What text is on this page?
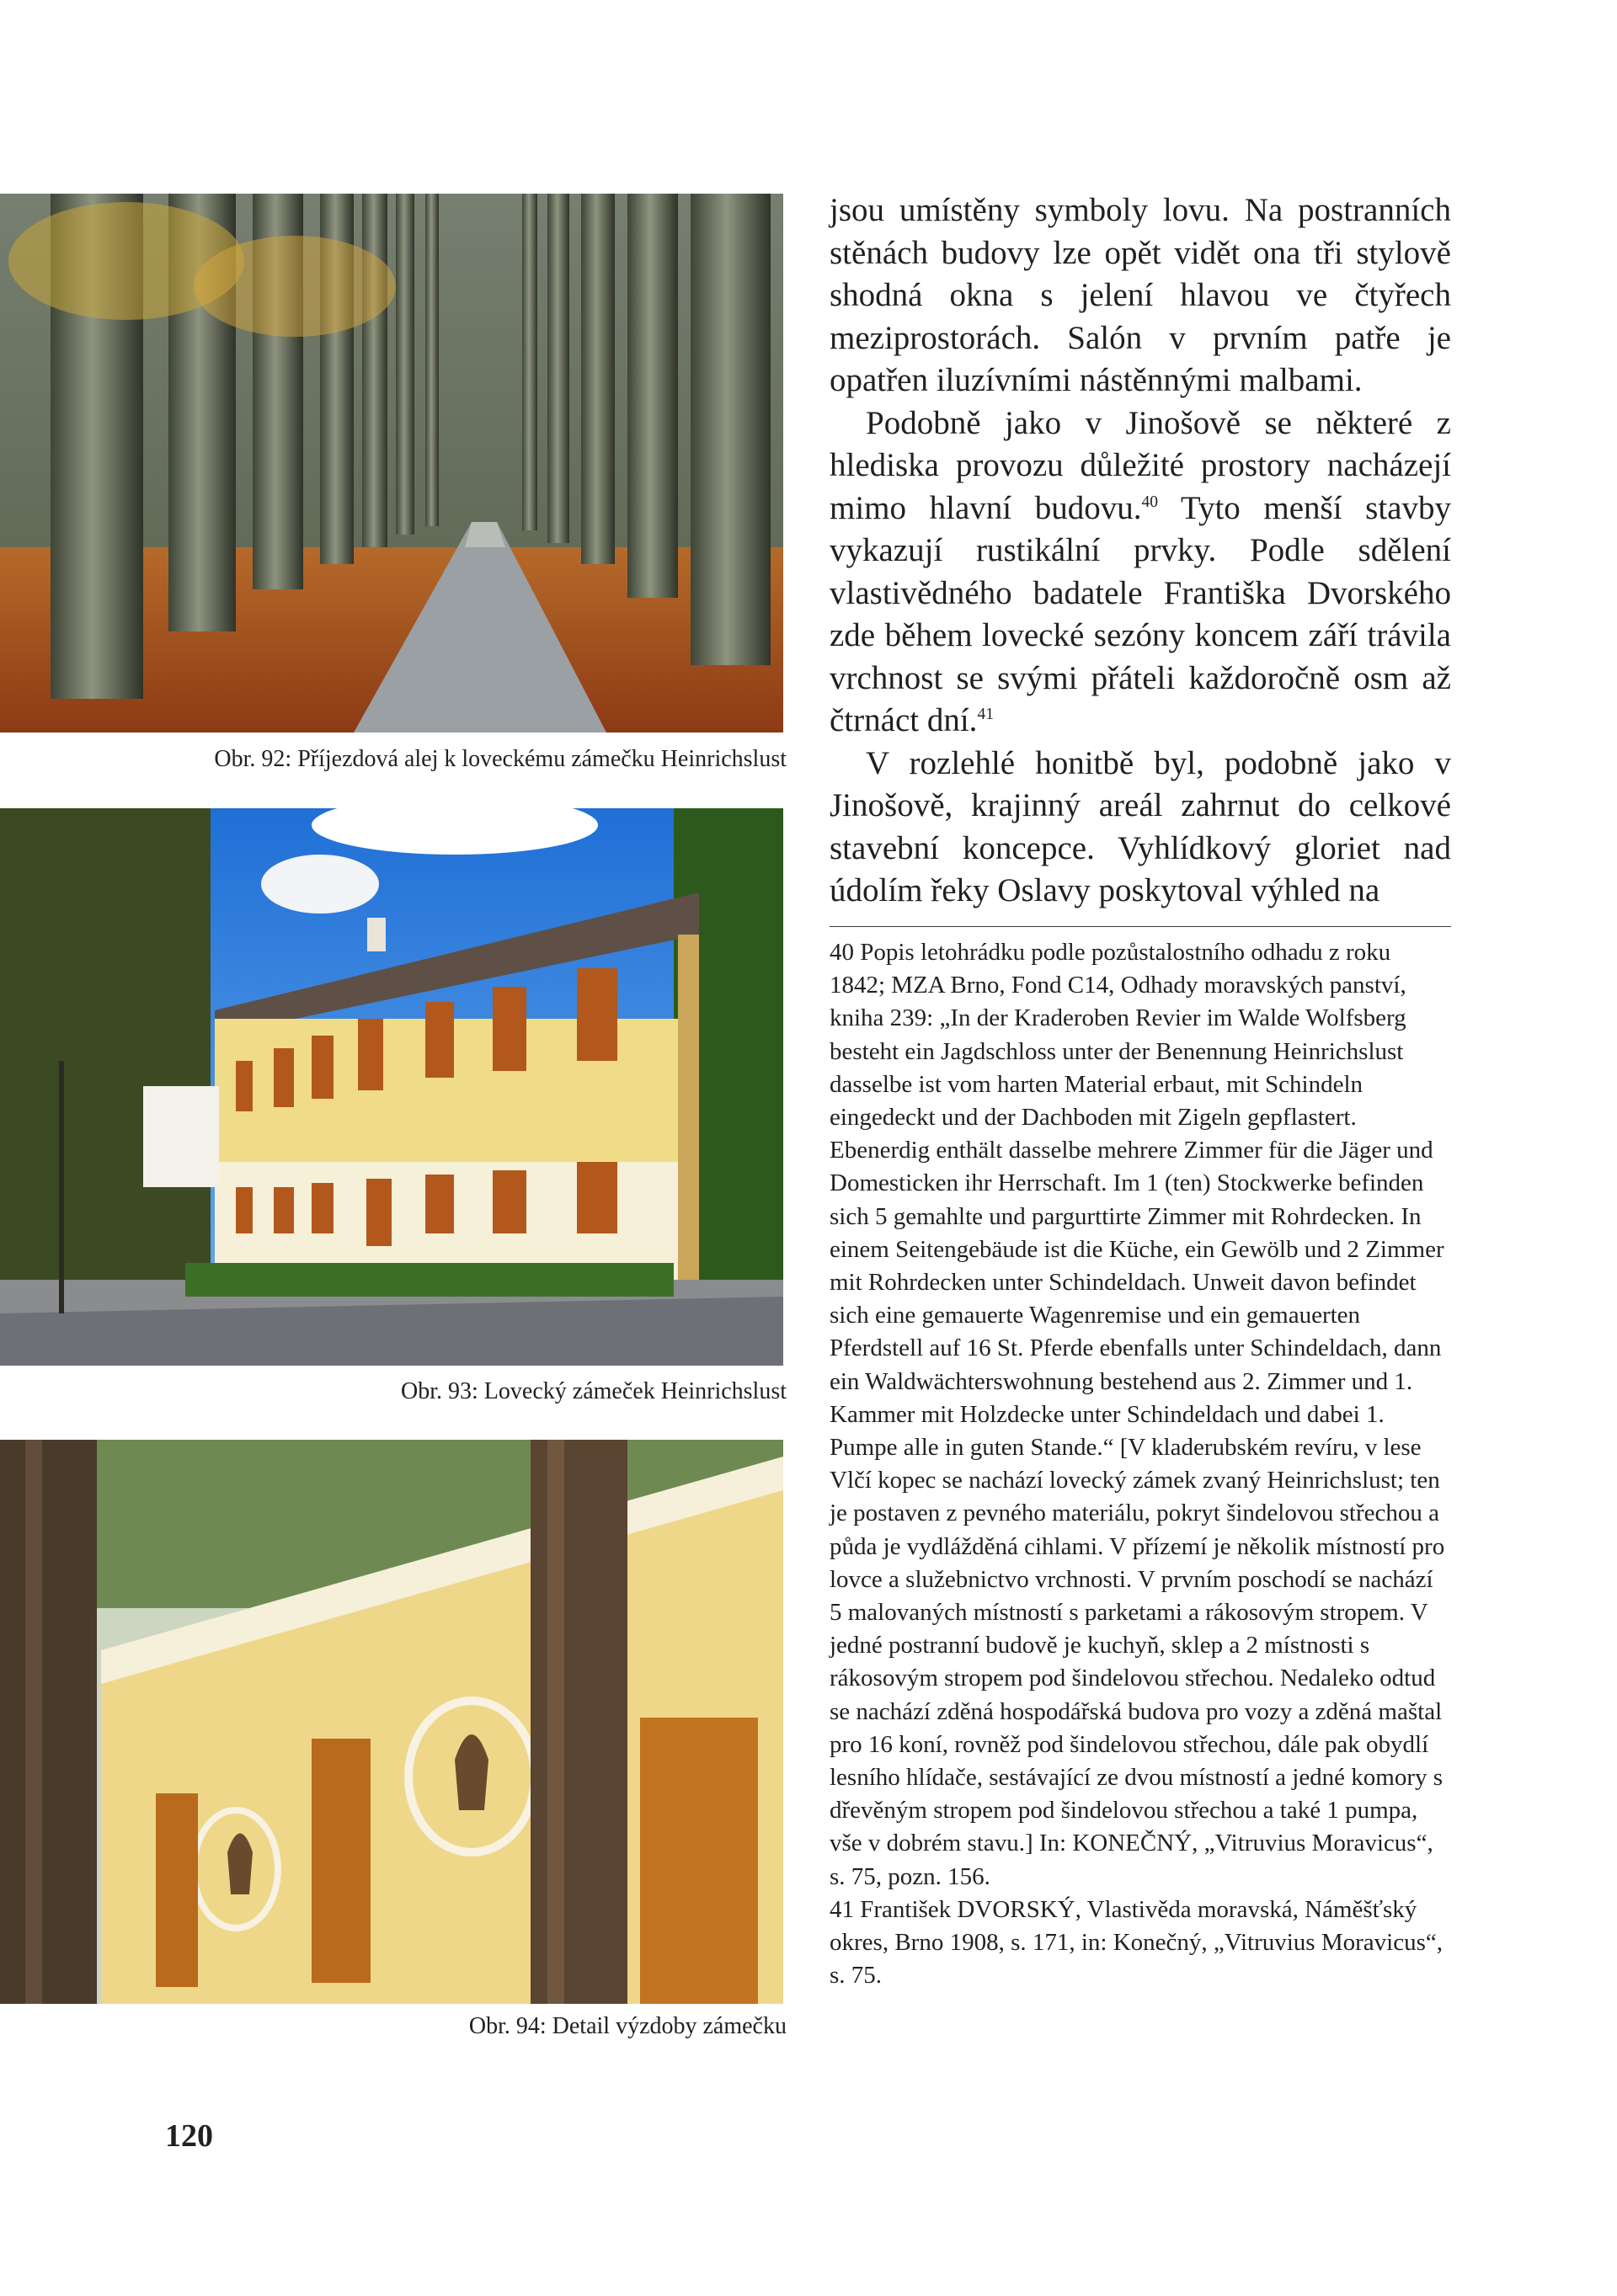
Obr. 92: Příjezdová alej k loveckému zámečku Heinrichslust
Obr. 93: Lovecký zámeček Heinrichslust
Obr. 94: Detail výzdoby zámečku

jsou umístěny symboly lovu. Na postranních stěnách budovy lze opět vidět ona tři stylově shodná okna s jelení hlavou ve čtyřech meziprostorách. Salón v prvním patře je opatřen iluzívními nástěnnými malbami.

Podobně jako v Jinošově se některé z hlediska provozu důležité prostory nacházejí mimo hlavní budovu.$^{40}$ Tyto menší stavby vykazují rustikální prvky. Podle sdělení vlastivědného badatele Františka Dvorského zde během lovecké sezóny koncem září trávila vrchnost se svými přáteli každoročně osm až čtrnáct dní.$^{41}$

V rozlehlé honitbě byl, podobně jako v Jinošově, krajinný areál zahrnut do celkové stavební koncepce. Vyhlídkový gloriet nad údolím řeky Oslavy poskytoval výhled na

40 Popis letohrádku podle pozůstalostního odhadu z roku 1842; MZA Brno, Fond C14, Odhady moravských panství, kniha 239: „In der Kraderoben Revier im Walde Wolfsberg besteht ein Jagdschloss unter der Benennung Heinrichslust dasselbe ist vom harten Material erbaut, mit Schindeln eingedeckt und der Dachboden mit Zigeln gepflastert. Ebenerdig enthält dasselbe mehrere Zimmer für die Jäger und Domesticken ihr Herrschaft. Im 1 (ten) Stockwerke befinden sich 5 gemahlte und pargurttirte Zimmer mit Rohrdecken. In einem Seitengebäude ist die Küche, ein Gewölb und 2 Zimmer mit Rohrdecken unter Schindeldach. Unweit davon befindet sich eine gemauerte Wagenremise und ein gemauerten Pferdstell auf 16 St. Pferde ebenfalls unter Schindeldach, dann ein Waldwächterswohnung bestehend aus 2. Zimmer und 1. Kammer mit Holzdecke unter Schindeldach und dabei 1. Pumpe alle in guten Stande.“ [V kladerubském revíru, v lese Vlčí kopec se nachází lovecký zámek zvaný Heinrichslust; ten je postaven z pevného materiálu, pokryt šindelovou střechou a půda je vydlážděná cihlami. V přízemí je několik místností pro lovce a služebnictvo vrchnosti. V prvním poschodí se nachází 5 malovaných místností s parketami a rákosovým stropem. V jedné postranní budově je kuchyň, sklep a 2 místnosti s rákosovým stropem pod šindelovou střechou. Nedaleko odtud se nachází zděná hospodářská budova pro vozy a zděná maštal pro 16 koní, rovněž pod šindelovou střechou, dále pak obydlí lesního hlídače, sestávající ze dvou místností a jedné komory s dřevěným stropem pod šindelovou střechou a také 1 pumpa, vše v dobrém stavu.] In: KONEČNÝ, „Vitruvius Moravicus“, s. 75, pozn. 156.

41 František DVORSKÝ, Vlastivěda moravská, Náměšťský okres, Brno 1908, s. 171, in: Konečný, „Vitruvius Moravicus“, s. 75.

120
